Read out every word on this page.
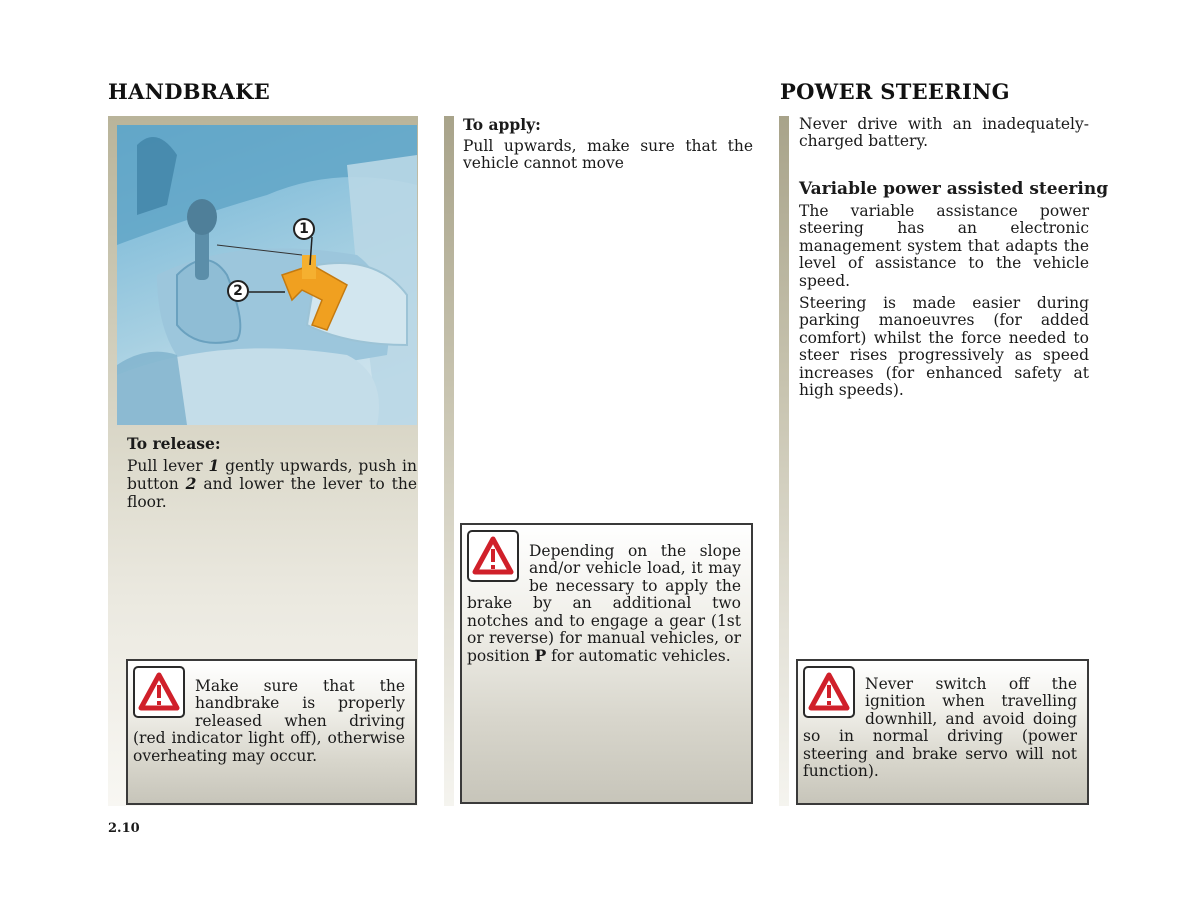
HANDBRAKE
1
2
To release:
Pull lever 1 gently upwards, push in button 2 and lower the lever to the floor.
Make sure that the handbrake is properly released when driving (red indicator light off), otherwise overheating may occur.
To apply:
Pull upwards, make sure that the vehicle cannot move
Depending on the slope and/or vehicle load, it may be necessary to apply the brake by an additional two notches and to engage a gear (1st or reverse) for manual vehicles, or position P for automatic vehicles.
POWER STEERING
Never drive with an inadequately-charged battery.
Variable power assisted steering
The variable assistance power steering has an electronic management system that adapts the level of assistance to the vehicle speed.
Steering is made easier during parking manoeuvres (for added comfort) whilst the force needed to steer rises progressively as speed increases (for enhanced safety at high speeds).
Never switch off the ignition when travelling downhill, and avoid doing so in normal driving (power steering and brake servo will not function).
2.10
